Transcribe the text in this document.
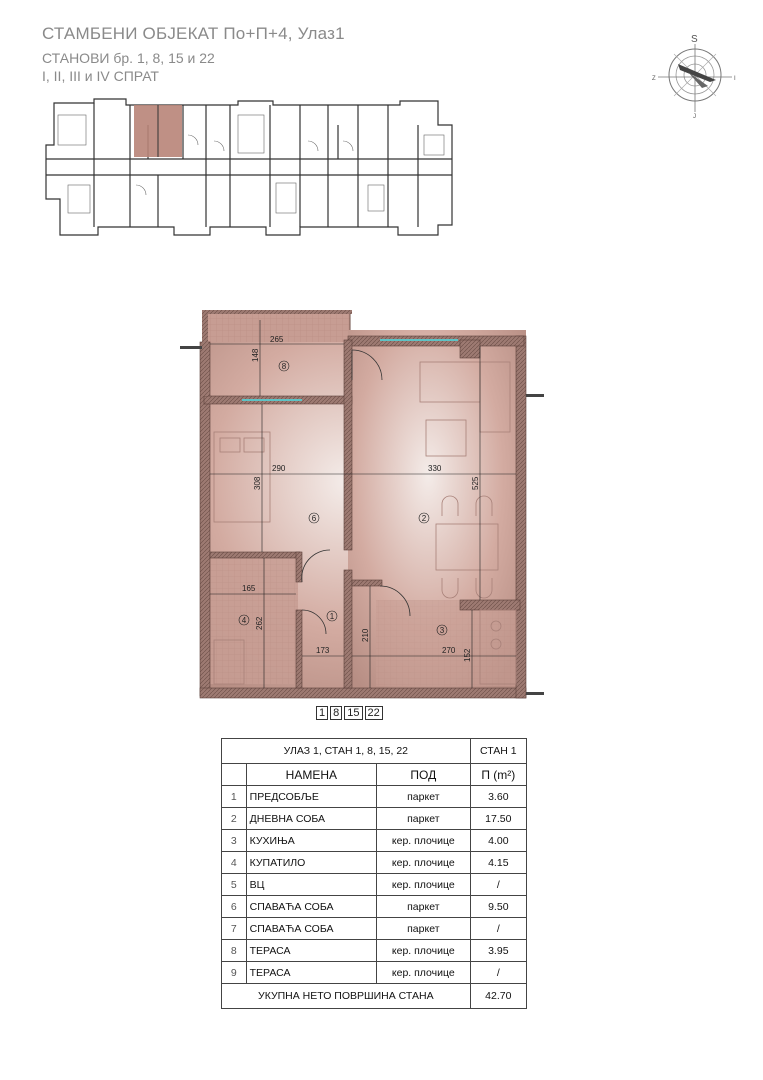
СТАМБЕНИ ОБЈЕКАТ По+П+4, Улаз1
СТАНОВИ бр. 1, 8, 15 и 22
I, II, III и IV СПРАТ
S
Z	I
J
265
148
290
308
330
525
165
262
173
210
270 152
8
6	2
1
3
4
1 8 15 22
УЛАЗ 1, СТАН 1, 8, 15, 22			СТАН 1
	НАМЕНА	ПОД	П (m²)
1	ПРЕДСОБЉЕ	паркет	3.60
2	ДНЕВНА СОБА	паркет	17.50
3	КУХИЊА	кер. плочице	4.00
4	КУПАТИЛО	кер. плочице	4.15
5	ВЦ	кер. плочице	/
6	СПАВАЋА СОБА	паркет	9.50
7	СПАВАЋА СОБА	паркет	/
8	ТЕРАСА	кер. плочице	3.95
9	ТЕРАСА	кер. плочице	/
УКУПНА НЕТО ПОВРШИНА СТАНА			42.70
